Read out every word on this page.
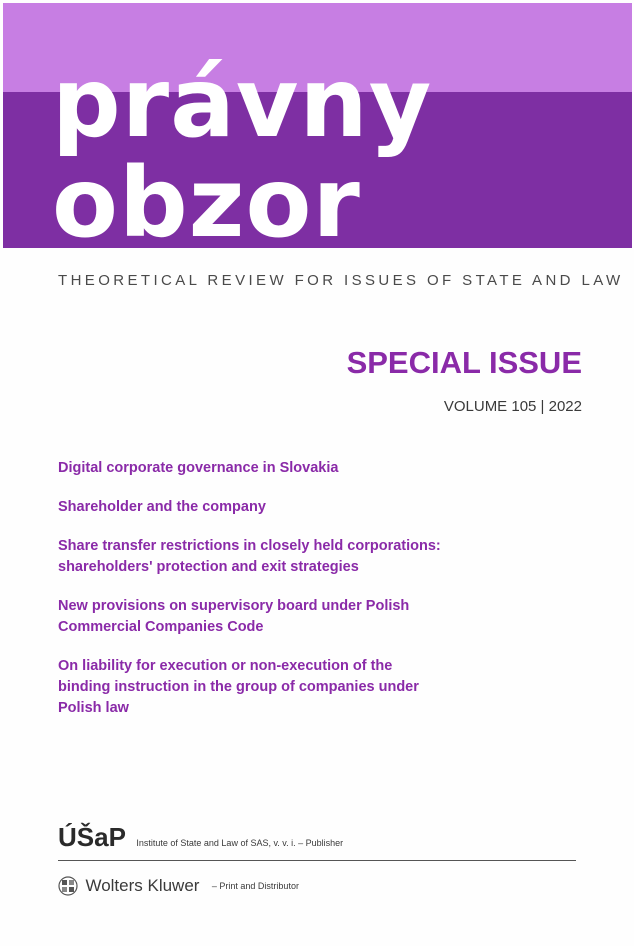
právny
obzor

THEORETICAL REVIEW FOR ISSUES OF STATE AND LAW

SPECIAL ISSUE

VOLUME 105 | 2022

Digital corporate governance in Slovakia
Shareholder and the company
Share transfer restrictions in closely held corporations:
shareholders' protection and exit strategies
New provisions on supervisory board under Polish
Commercial Companies Code
On liability for execution or non-execution of the
binding instruction in the group of companies under
Polish law
ÚŠaP Institute of State and Law of SAS, v. v. i. – Publisher
Wolters Kluwer – Print and Distributor
